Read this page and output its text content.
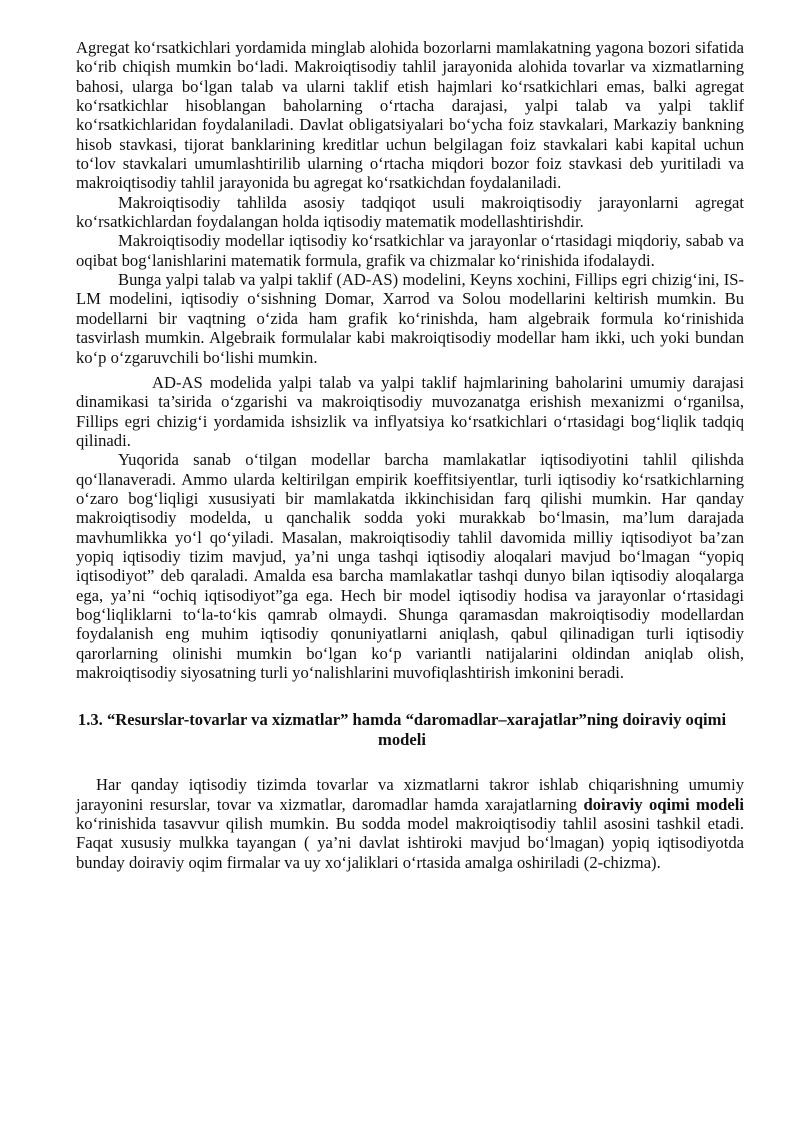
Agregat ko‘rsatkichlari yordamida minglab alohida bozorlarni mamlakatning yagona bozori sifatida ko‘rib chiqish mumkin bo‘ladi. Makroiqtisodiy tahlil jarayonida alohida tovarlar va xizmatlarning bahosi, ularga bo‘lgan talab va ularni taklif etish hajmlari ko‘rsatkichlari emas, balki agregat ko‘rsatkichlar hisoblangan baholarning o‘rtacha darajasi, yalpi talab va yalpi taklif ko‘rsatkichlaridan foydalaniladi. Davlat obligatsiyalari bo‘ycha foiz stavkalari, Markaziy bankning hisob stavkasi, tijorat banklarining kreditlar uchun belgilagan foiz stavkalari kabi kapital uchun to‘lov stavkalari umumlashtirilib ularning o‘rtacha miqdori bozor foiz stavkasi deb yuritiladi va makroiqtisodiy tahlil jarayonida bu agregat ko‘rsatkichdan foydalaniladi.

Makroiqtisodiy tahlilda asosiy tadqiqot usuli makroiqtisodiy jarayonlarni agregat ko‘rsatkichlardan foydalangan holda iqtisodiy matematik modellashtirishdir.

Makroiqtisodiy modellar iqtisodiy ko‘rsatkichlar va jarayonlar o‘rtasidagi miqdoriy, sabab va oqibat bog‘lanishlarini matematik formula, grafik va chizmalar ko‘rinishida ifodalaydi.

Bunga yalpi talab va yalpi taklif (AD-AS) modelini, Keyns xochini, Fillips egri chizig‘ini, IS-LM modelini, iqtisodiy o‘sishning Domar, Xarrod va Solou modellarini keltirish mumkin. Bu modellarni bir vaqtning o‘zida ham grafik ko‘rinishda, ham algebraik formula ko‘rinishida tasvirlash mumkin. Algebraik formulalar kabi makroiqtisodiy modellar ham ikki, uch yoki bundan ko‘p o‘zgaruvchili bo‘lishi mumkin.

AD-AS modelida yalpi talab va yalpi taklif hajmlarining baholarini umumiy darajasi dinamikasi ta’sirida o‘zgarishi va makroiqtisodiy muvozanatga erishish mexanizmi o‘rganilsa, Fillips egri chizig‘i yordamida ishsizlik va inflyatsiya ko‘rsatkichlari o‘rtasidagi bog‘liqlik tadqiq qilinadi.

Yuqorida sanab o‘tilgan modellar barcha mamlakatlar iqtisodiyotini tahlil qilishda qo‘llanaveradi. Ammo ularda keltirilgan empirik koeffitsiyentlar, turli iqtisodiy ko‘rsatkichlarning o‘zaro bog‘liqligi xususiyati bir mamlakatda ikkinchisidan farq qilishi mumkin. Har qanday makroiqtisodiy modelda, u qanchalik sodda yoki murakkab bo‘lmasin, ma’lum darajada mavhumlikka yo‘l qo‘yiladi. Masalan, makroiqtisodiy tahlil davomida milliy iqtisodiyot ba’zan yopiq iqtisodiy tizim mavjud, ya’ni unga tashqi iqtisodiy aloqalari mavjud bo‘lmagan “yopiq iqtisodiyot” deb qaraladi. Amalda esa barcha mamlakatlar tashqi dunyo bilan iqtisodiy aloqalarga ega, ya’ni “ochiq iqtisodiyot”ga ega. Hech bir model iqtisodiy hodisa va jarayonlar o‘rtasidagi bog‘liqliklarni to‘la-to‘kis qamrab olmaydi. Shunga qaramasdan makroiqtisodiy modellardan foydalanish eng muhim iqtisodiy qonuniyatlarni aniqlash, qabul qilinadigan turli iqtisodiy qarorlarning olinishi mumkin bo‘lgan ko‘p variantli natijalarini oldindan aniqlab olish, makroiqtisodiy siyosatning turli yo‘nalishlarini muvofiqlashtirish imkonini beradi.

1.3. “Resurslar-tovarlar va xizmatlar” hamda “daromadlar–xarajatlar”ning doiraviy oqimi modeli

Har qanday iqtisodiy tizimda tovarlar va xizmatlarni takror ishlab chiqarishning umumiy jarayonini resurslar, tovar va xizmatlar, daromadlar hamda xarajatlarning doiraviy oqimi modeli ko‘rinishida tasavvur qilish mumkin. Bu sodda model makroiqtisodiy tahlil asosini tashkil etadi. Faqat xususiy mulkka tayangan ( ya’ni davlat ishtiroki mavjud bo‘lmagan) yopiq iqtisodiyotda bunday doiraviy oqim firmalar va uy xo‘jaliklari o‘rtasida amalga oshiriladi (2-chizma).
